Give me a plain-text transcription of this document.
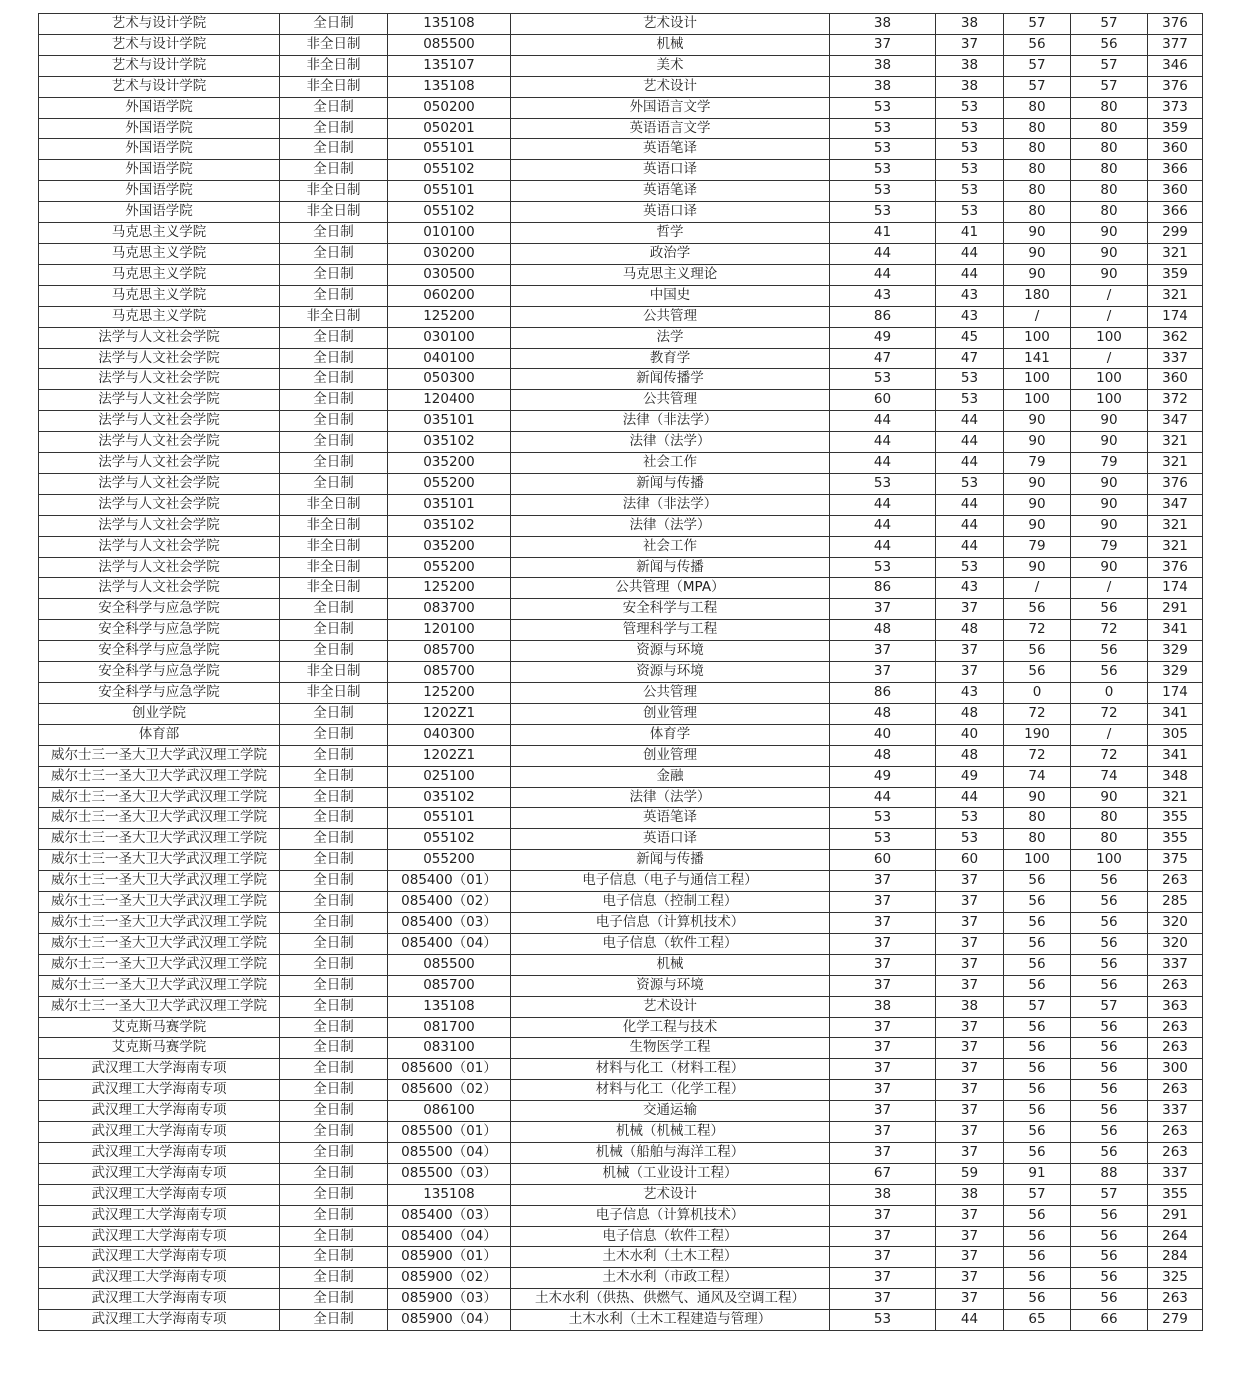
艺术与设计学院	全日制	135108	艺术设计	38	38	57	57	376
艺术与设计学院	非全日制	085500	机械	37	37	56	56	377
艺术与设计学院	非全日制	135107	美术	38	38	57	57	346
艺术与设计学院	非全日制	135108	艺术设计	38	38	57	57	376
外国语学院	全日制	050200	外国语言文学	53	53	80	80	373
外国语学院	全日制	050201	英语语言文学	53	53	80	80	359
外国语学院	全日制	055101	英语笔译	53	53	80	80	360
外国语学院	全日制	055102	英语口译	53	53	80	80	366
外国语学院	非全日制	055101	英语笔译	53	53	80	80	360
外国语学院	非全日制	055102	英语口译	53	53	80	80	366
马克思主义学院	全日制	010100	哲学	41	41	90	90	299
马克思主义学院	全日制	030200	政治学	44	44	90	90	321
马克思主义学院	全日制	030500	马克思主义理论	44	44	90	90	359
马克思主义学院	全日制	060200	中国史	43	43	180	/	321
马克思主义学院	非全日制	125200	公共管理	86	43	/	/	174
法学与人文社会学院	全日制	030100	法学	49	45	100	100	362
法学与人文社会学院	全日制	040100	教育学	47	47	141	/	337
法学与人文社会学院	全日制	050300	新闻传播学	53	53	100	100	360
法学与人文社会学院	全日制	120400	公共管理	60	53	100	100	372
法学与人文社会学院	全日制	035101	法律（非法学）	44	44	90	90	347
法学与人文社会学院	全日制	035102	法律（法学）	44	44	90	90	321
法学与人文社会学院	全日制	035200	社会工作	44	44	79	79	321
法学与人文社会学院	全日制	055200	新闻与传播	53	53	90	90	376
法学与人文社会学院	非全日制	035101	法律（非法学）	44	44	90	90	347
法学与人文社会学院	非全日制	035102	法律（法学）	44	44	90	90	321
法学与人文社会学院	非全日制	035200	社会工作	44	44	79	79	321
法学与人文社会学院	非全日制	055200	新闻与传播	53	53	90	90	376
法学与人文社会学院	非全日制	125200	公共管理（MPA）	86	43	/	/	174
安全科学与应急学院	全日制	083700	安全科学与工程	37	37	56	56	291
安全科学与应急学院	全日制	120100	管理科学与工程	48	48	72	72	341
安全科学与应急学院	全日制	085700	资源与环境	37	37	56	56	329
安全科学与应急学院	非全日制	085700	资源与环境	37	37	56	56	329
安全科学与应急学院	非全日制	125200	公共管理	86	43	0	0	174
创业学院	全日制	1202Z1	创业管理	48	48	72	72	341
体育部	全日制	040300	体育学	40	40	190	/	305
威尔士三一圣大卫大学武汉理工学院	全日制	1202Z1	创业管理	48	48	72	72	341
威尔士三一圣大卫大学武汉理工学院	全日制	025100	金融	49	49	74	74	348
威尔士三一圣大卫大学武汉理工学院	全日制	035102	法律（法学）	44	44	90	90	321
威尔士三一圣大卫大学武汉理工学院	全日制	055101	英语笔译	53	53	80	80	355
威尔士三一圣大卫大学武汉理工学院	全日制	055102	英语口译	53	53	80	80	355
威尔士三一圣大卫大学武汉理工学院	全日制	055200	新闻与传播	60	60	100	100	375
威尔士三一圣大卫大学武汉理工学院	全日制	085400（01）	电子信息（电子与通信工程）	37	37	56	56	263
威尔士三一圣大卫大学武汉理工学院	全日制	085400（02）	电子信息（控制工程）	37	37	56	56	285
威尔士三一圣大卫大学武汉理工学院	全日制	085400（03）	电子信息（计算机技术）	37	37	56	56	320
威尔士三一圣大卫大学武汉理工学院	全日制	085400（04）	电子信息（软件工程）	37	37	56	56	320
威尔士三一圣大卫大学武汉理工学院	全日制	085500	机械	37	37	56	56	337
威尔士三一圣大卫大学武汉理工学院	全日制	085700	资源与环境	37	37	56	56	263
威尔士三一圣大卫大学武汉理工学院	全日制	135108	艺术设计	38	38	57	57	363
艾克斯马赛学院	全日制	081700	化学工程与技术	37	37	56	56	263
艾克斯马赛学院	全日制	083100	生物医学工程	37	37	56	56	263
武汉理工大学海南专项	全日制	085600（01）	材料与化工（材料工程）	37	37	56	56	300
武汉理工大学海南专项	全日制	085600（02）	材料与化工（化学工程）	37	37	56	56	263
武汉理工大学海南专项	全日制	086100	交通运输	37	37	56	56	337
武汉理工大学海南专项	全日制	085500（01）	机械（机械工程）	37	37	56	56	263
武汉理工大学海南专项	全日制	085500（04）	机械（船舶与海洋工程）	37	37	56	56	263
武汉理工大学海南专项	全日制	085500（03）	机械（工业设计工程）	67	59	91	88	337
武汉理工大学海南专项	全日制	135108	艺术设计	38	38	57	57	355
武汉理工大学海南专项	全日制	085400（03）	电子信息（计算机技术）	37	37	56	56	291
武汉理工大学海南专项	全日制	085400（04）	电子信息（软件工程）	37	37	56	56	264
武汉理工大学海南专项	全日制	085900（01）	土木水利（土木工程）	37	37	56	56	284
武汉理工大学海南专项	全日制	085900（02）	土木水利（市政工程）	37	37	56	56	325
武汉理工大学海南专项	全日制	085900（03）	土木水利（供热、供燃气、通风及空调工程）	37	37	56	56	263
武汉理工大学海南专项	全日制	085900（04）	土木水利（土木工程建造与管理）	53	44	65	66	279
